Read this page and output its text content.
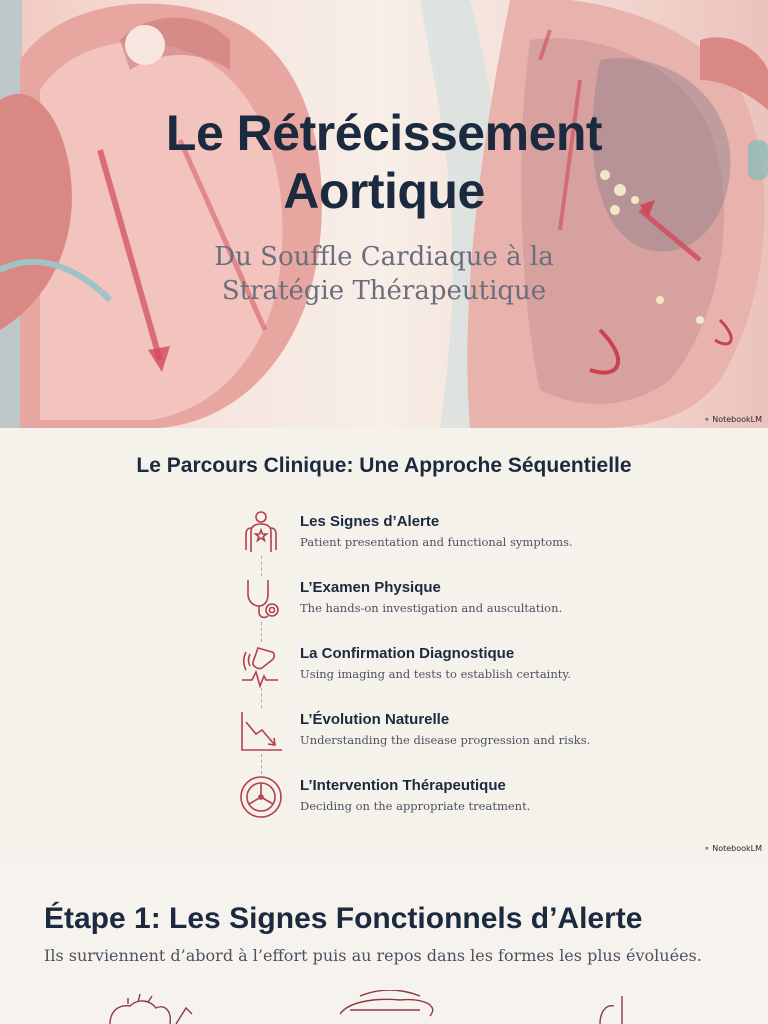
Le Rétrécissement
Aortique
Du Souffle Cardiaque à la
Stratégie Thérapeutique
⚬ NotebookLM
Le Parcours Clinique: Une Approche Séquentielle
Les Signes d’Alerte
Patient presentation and functional symptoms.
L’Examen Physique
The hands-on investigation and auscultation.
La Confirmation Diagnostique
Using imaging and tests to establish certainty.
L’Évolution Naturelle
Understanding the disease progression and risks.
L’Intervention Thérapeutique
Deciding on the appropriate treatment.
⚬ NotebookLM
Étape 1: Les Signes Fonctionnels d’Alerte
Ils surviennent d’abord à l’effort puis au repos dans les formes les plus évoluées.
